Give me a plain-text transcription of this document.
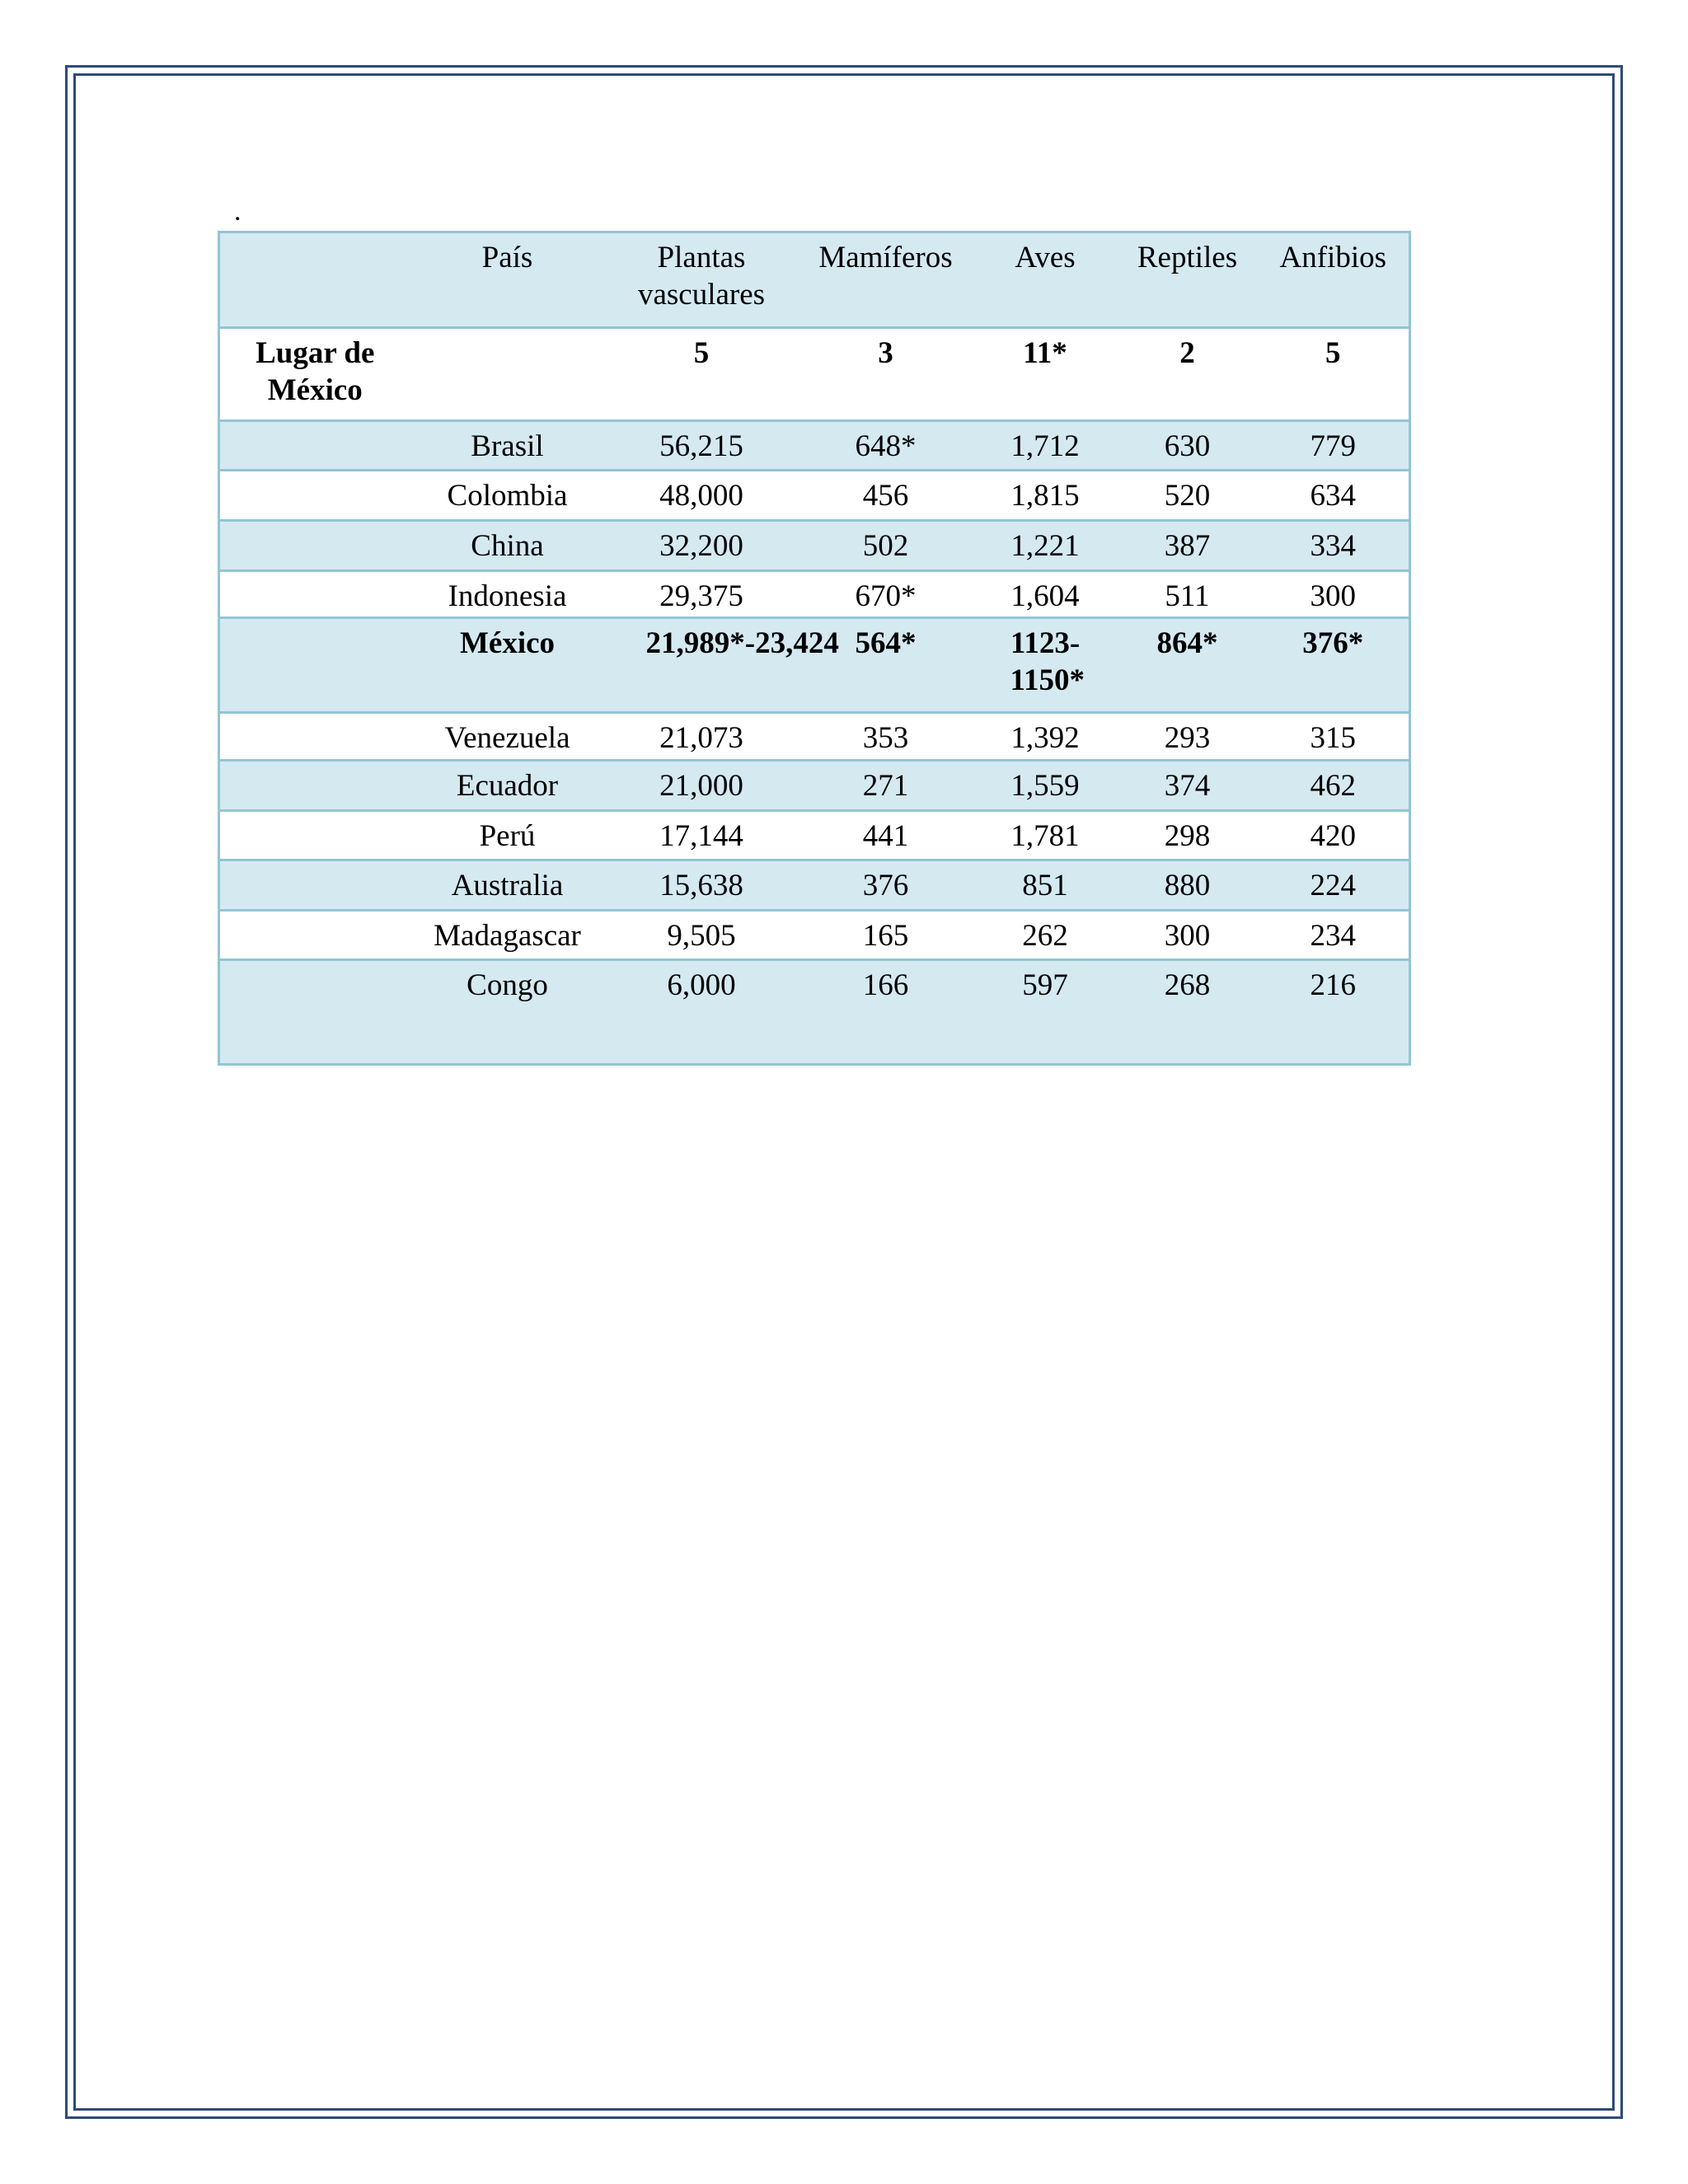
.
	País	Plantas vasculares	Mamíferos	Aves	Reptiles	Anfibios
Lugar de México		5	3	11*	2	5
	Brasil	56,215	648*	1,712	630	779
	Colombia	48,000	456	1,815	520	634
	China	32,200	502	1,221	387	334
	Indonesia	29,375	670*	1,604	511	300
	México	21,989*-23,424	564*	1123-1150*	864*	376*
	Venezuela	21,073	353	1,392	293	315
	Ecuador	21,000	271	1,559	374	462
	Perú	17,144	441	1,781	298	420
	Australia	15,638	376	851	880	224
	Madagascar	9,505	165	262	300	234
	Congo	6,000	166	597	268	216
